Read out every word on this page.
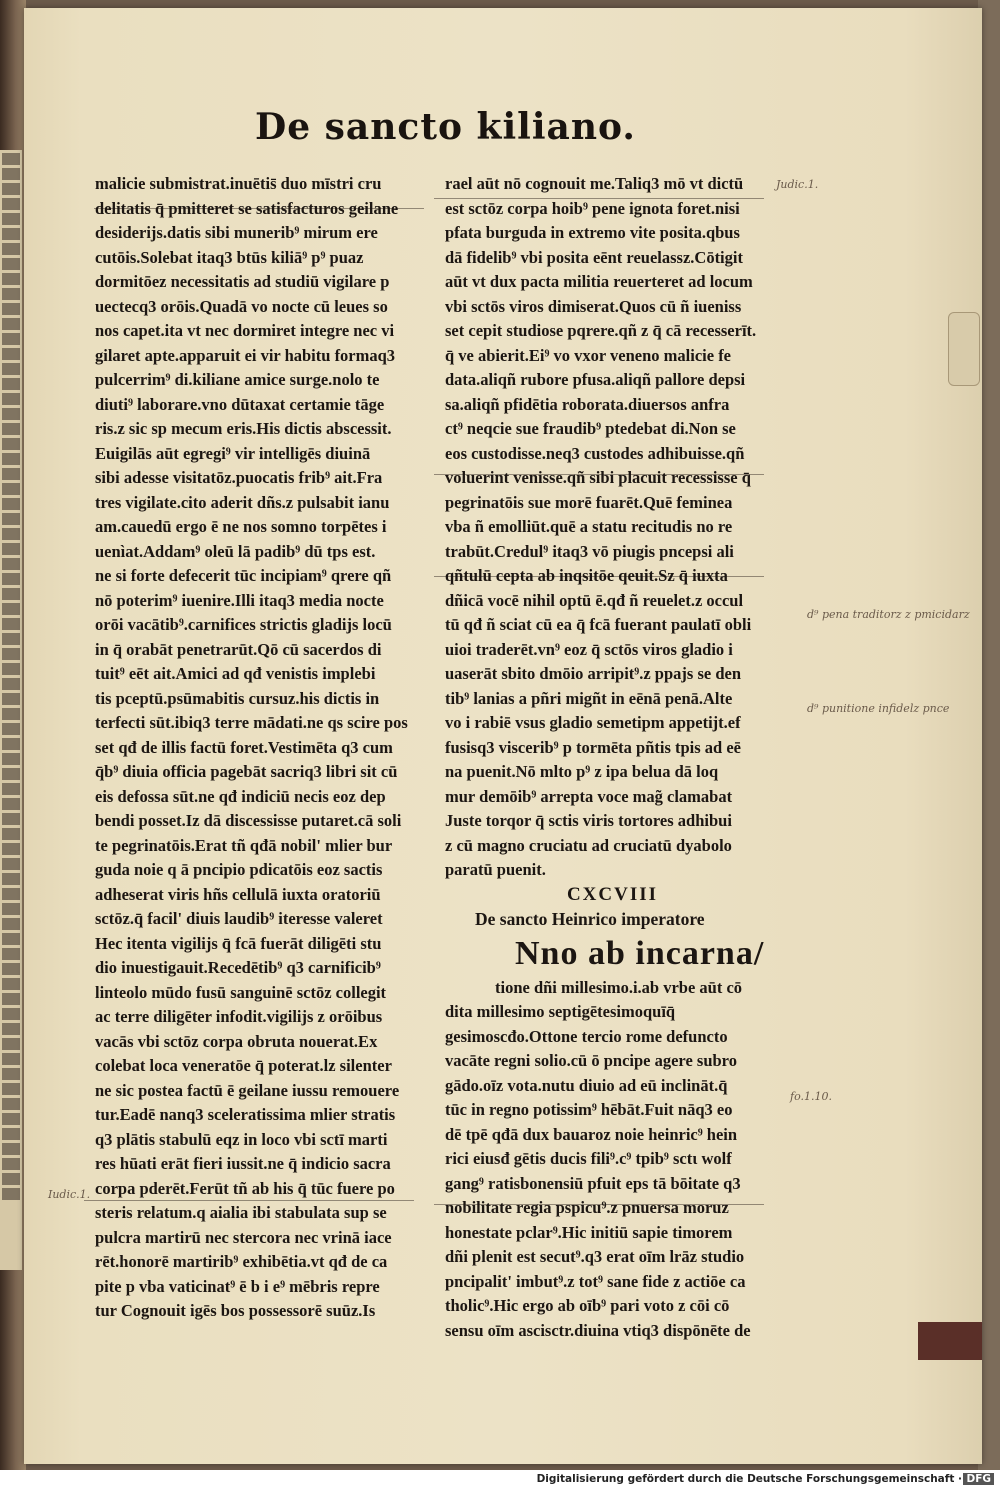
De sancto kiliano.
Judic.1.
d⁹ pena traditorz z pmicidarz
d⁹ punitione infidelz pnce
fo.1.10.
Iudic.1.

malicie submistrat.inuētis̄ duo mīstri cru

delitatis q̄ pmitteret se satisfacturos geilane

desiderijs.datis sibi munerib⁹ mirum ere

cutōis.Solebat itaq3 btūs kiliā⁹ p⁹ puaz

dormitōez necessitatis ad studiū vigilare p

uectecq3 orōis.Quadā vo nocte cū leues so

nos capet.ita vt nec dormiret integre nec vi

gilaret apte.apparuit ei vir habitu formaq3

pulcerrim⁹ di.kiliane amice surge.nolo te

diuti⁹ laborare.vno dūtaxat certamie tāge

ris.z sic sp mecum eris.His dictis abscessit.

Euigilās aūt egregi⁹ vir intelligēs diuinā

sibi adesse visitatōz.puocatis frib⁹ ait.Fra

tres vigilate.cito aderit dñs.z pulsabit ianu

am.cauedū ergo ē ne nos somno torpētes i

uenìat.Addam⁹ oleū lā padib⁹ dū tps est.

ne si forte defecerit tūc incipiam⁹ qrere qñ

nō poterim⁹ iuenire.Illi itaq3 media nocte

orōi vacātib⁹.carnifices strictis gladijs locū

in q̄ orabāt penetrarūt.Qō cū sacerdos di

tuit⁹ eēt ait.Amici ad qđ venistis implebi

tis pceptū.psūmabitis cursuz.his dictis in

terfecti sūt.ibiq3 terre mādati.ne qs scire pos

set qđ de illis factū foret.Vestimēta q3 cum

q̄b⁹ diuia officia pagebāt sacriq3 libri sit cū

eis defossa sūt.ne qđ indiciū necis eoz dep

bendi posset.Iz dā discessisse putaret.cā soli

te pegrinatōis.Erat tñ qđā nobil' mlier bur

guda noie q ā pncipio pdicatōis eoz sactis

adheserat viris hñs cellulā iuxta oratoriū

sctōz.q̄ facil' diuis laudib⁹ iteresse valeret

Hec itenta vigilijs q̄ fcā fuerāt diligēti stu

dio inuestigauit.Recedētib⁹ q3 carnificib⁹

linteolo mūdo fusū sanguinē sctōz collegit

ac terre diligēter infodit.vigilijs z orōibus

vacās vbi sctōz corpa obruta nouerat.Ex

colebat loca veneratōe q̄ poterat.lz silenter

ne sic postea factū ē geilane iussu remouere

tur.Eadē nanq3 sceleratissima mlier stratis

q3 plātis stabulū eqz in loco vbi sctī marti

res hūati erāt fieri iussit.ne q̄ indicio sacra

corpa pderēt.Ferūt tñ ab his q̄ tūc fuere po

steris relatum.q aialia ibi stabulata sup se

pulcra martirū nec stercora nec vrinā iace

rēt.honorē martirib⁹ exhibētia.vt qđ de ca

pite p vba vaticinat⁹ ē b i e⁹ mēbris repre

tur Cognouit igēs bos possessorē suūz.Is

rael aūt nō cognouit me.Taliq3 mō vt dictū

est sctōz corpa hoib⁹ pene ignota foret.nisi

pfata burguda in extremo vite posita.qbus

dā fidelib⁹ vbi posita eēnt reuelassz.Cōtigit

aūt vt dux pacta militia reuerteret ad locum

vbi sctōs viros dimiserat.Quos cū ñ iueniss

set cepit studiose pqrere.qñ z q̄ cā recesserīt.

q̄ ve abierit.Ei⁹ vo vxor veneno malicie fe

data.aliqñ rubore pfusa.aliqñ pallore depsi

sa.aliqñ pfidētia roborata.diuersos anfra

ct⁹ neqcie sue fraudib⁹ ptedebat di.Non se

eos custodisse.neq3 custodes adhibuisse.qñ

voluerint venisse.qñ sibi placuit recessisse q̄

pegrinatōis sue morē fuarēt.Quē feminea

vba ñ emolliūt.quē a statu recitudis no re

trabūt.Credul⁹ itaq3 vō piugis pncepsi ali

qñtulū cepta ab inqsitōe qeuit.Sz q̄ iuxta

dñicā vocē nihil optū ē.qđ ñ reuelet.z occul

tū qđ ñ sciat cū ea q̄ fcā fuerant paulatī obli

uioi traderēt.vn⁹ eoz q̄ sctōs viros gladio i

uaserāt sbito dmōio arripit⁹.z ppajs se den

tib⁹ lanias a pñri migñt in eēnā penā.Alte

vo i rabiē vsus gladio semetipm appetijt.ef

fusisq3 viscerib⁹ p tormēta pñtis tpis ad eē

na puenit.Nō mlto p⁹ z ipa belua dā loq

mur demōib⁹ arrepta voce mag̃ clamabat

Juste torqor q̄ sctis viris tortores adhibui

z cū magno cruciatu ad cruciatū dyabolo

paratū puenit.

CXCVIII

De sancto Heinrico imperatore

Nno ab incarna/

tione dñi millesimo.i.ab vrbe aūt cō

dita millesimo septigētesimoquīq̄

gesimoscđo.Ottone tercio rome defuncto

vacāte regni solio.cū ō pncipe agere subro

gādo.oīz vota.nutu diuio ad eū inclināt.q̄

tūc in regno potissim⁹ hēbāt.Fuit nāq3 eo

dē tpē qđā dux bauaroz noie heinric⁹ hein

rici eiusđ gētis ducis fili⁹.c⁹ tpib⁹ sctɩ wolf

gang⁹ ratisbonensiū pfuit eps tā bōitate q3

nobilitate regia pspicu⁹.z pnuersa moruz

honestate pclar⁹.Hic initiū sapie timorem

dñi plenit est secut⁹.q3 erat oīm lrāz studio

pncipalit' imbut⁹.z tot⁹ sane fide z actiōe ca

tholic⁹.Hic ergo ab oīb⁹ pari voto z cōi cō

sensu oīm ascisctr.diuina vtiq3 dispōnēte de

Digitalisierung gefördert durch die Deutsche Forschungsgemeinschaft · DFG
